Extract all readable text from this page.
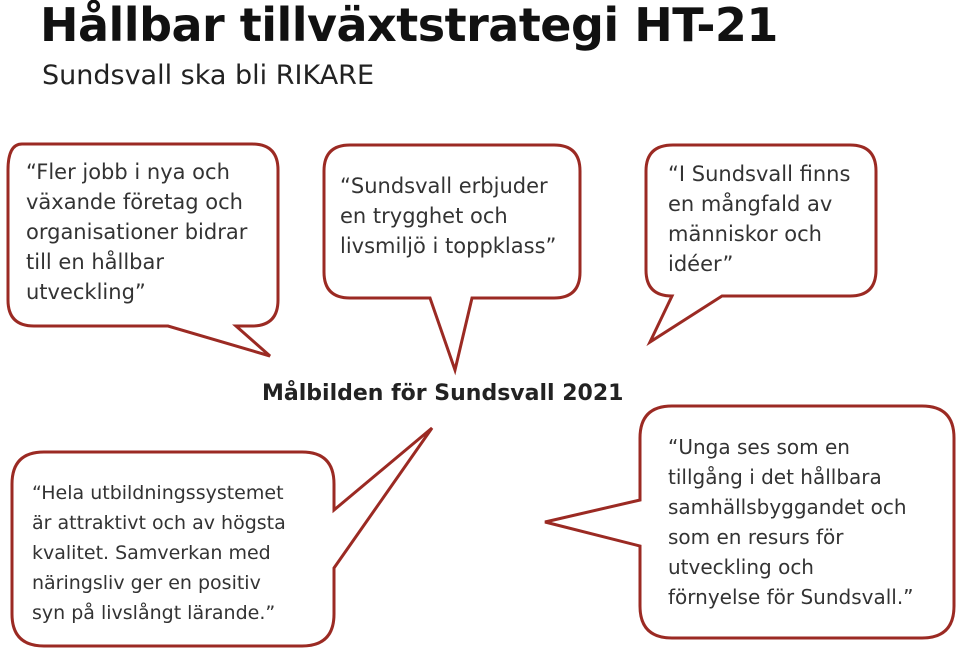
Hållbar tillväxtstrategi HT-21
Sundsvall ska bli RIKARE
Målbilden för Sundsvall 2021
“Fler jobb i nya och
växande företag och
organisationer bidrar
till en hållbar
utveckling”
“Sundsvall erbjuder
en trygghet och
livsmiljö i toppklass”
“I Sundsvall finns
en mångfald av
människor och
idéer”
“Hela utbildningssystemet
är attraktivt och av högsta
kvalitet. Samverkan med
näringsliv ger en positiv
syn på livslångt lärande.”
“Unga ses som en
tillgång i det hållbara
samhällsbyggandet och
som en resurs för
utveckling och
förnyelse för Sundsvall.”
